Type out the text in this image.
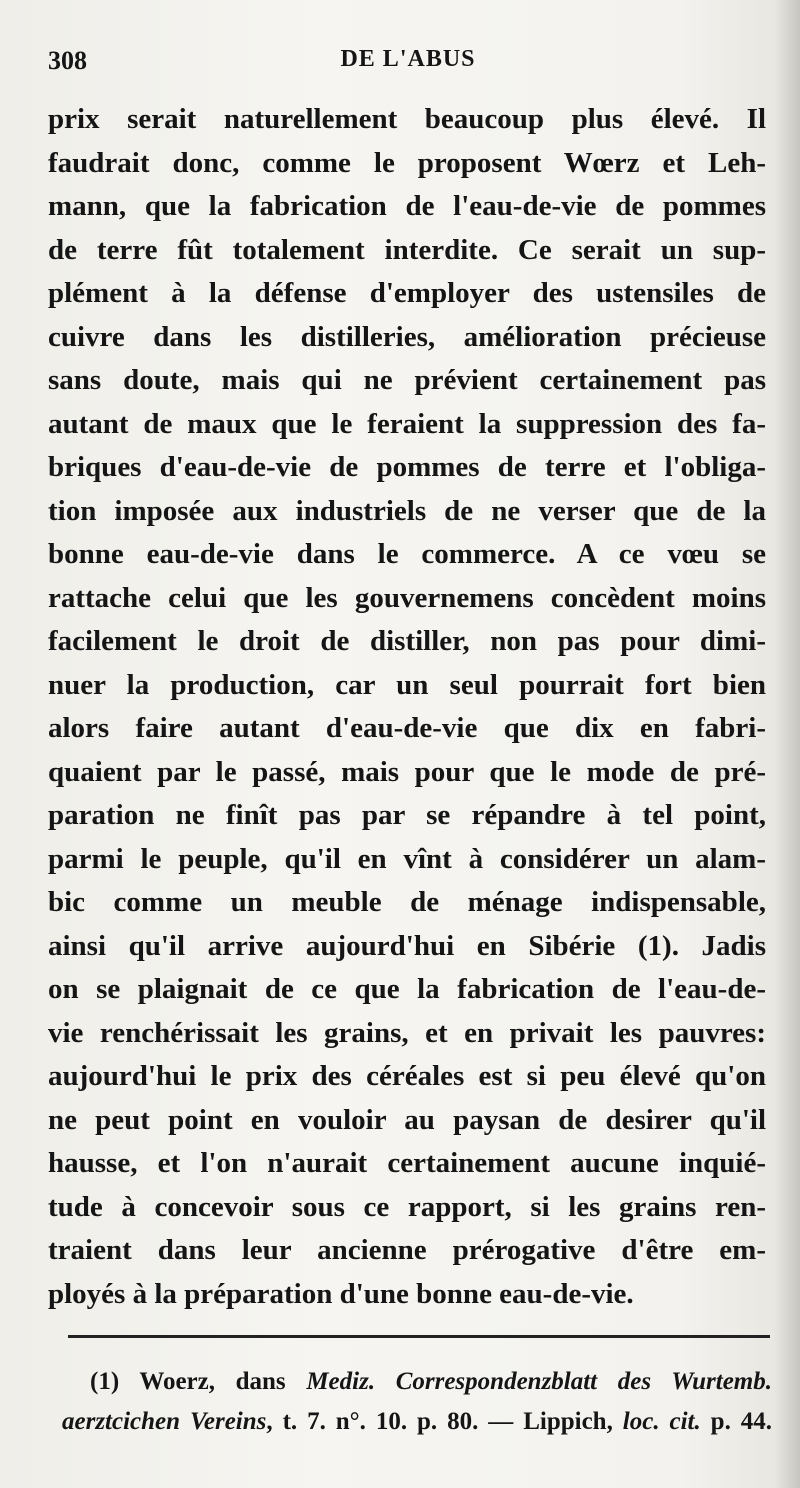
308	DE L'ABUS
prix serait naturellement beaucoup plus élevé. Il
faudrait donc, comme le proposent Wœrz et Leh-
mann, que la fabrication de l'eau-de-vie de pommes
de terre fût totalement interdite. Ce serait un sup-
plément à la défense d'employer des ustensiles de
cuivre dans les distilleries, amélioration précieuse
sans doute, mais qui ne prévient certainement pas
autant de maux que le feraient la suppression des fa-
briques d'eau-de-vie de pommes de terre et l'obliga-
tion imposée aux industriels de ne verser que de la
bonne eau-de-vie dans le commerce. A ce vœu se
rattache celui que les gouvernemens concèdent moins
facilement le droit de distiller, non pas pour dimi-
nuer la production, car un seul pourrait fort bien
alors faire autant d'eau-de-vie que dix en fabri-
quaient par le passé, mais pour que le mode de pré-
paration ne finît pas par se répandre à tel point,
parmi le peuple, qu'il en vînt à considérer un alam-
bic comme un meuble de ménage indispensable,
ainsi qu'il arrive aujourd'hui en Sibérie (1). Jadis
on se plaignait de ce que la fabrication de l'eau-de-
vie renchérissait les grains, et en privait les pauvres:
aujourd'hui le prix des céréales est si peu élevé qu'on
ne peut point en vouloir au paysan de desirer qu'il
hausse, et l'on n'aurait certainement aucune inquié-
tude à concevoir sous ce rapport, si les grains ren-
traient dans leur ancienne prérogative d'être em-
ployés à la préparation d'une bonne eau-de-vie.
(1) Woerz, dans Mediz. Correspondenzblatt des Wurtemb.
aerztcichen Vereins, t. 7. n°. 10. p. 80. — Lippich, loc. cit. p. 44.
